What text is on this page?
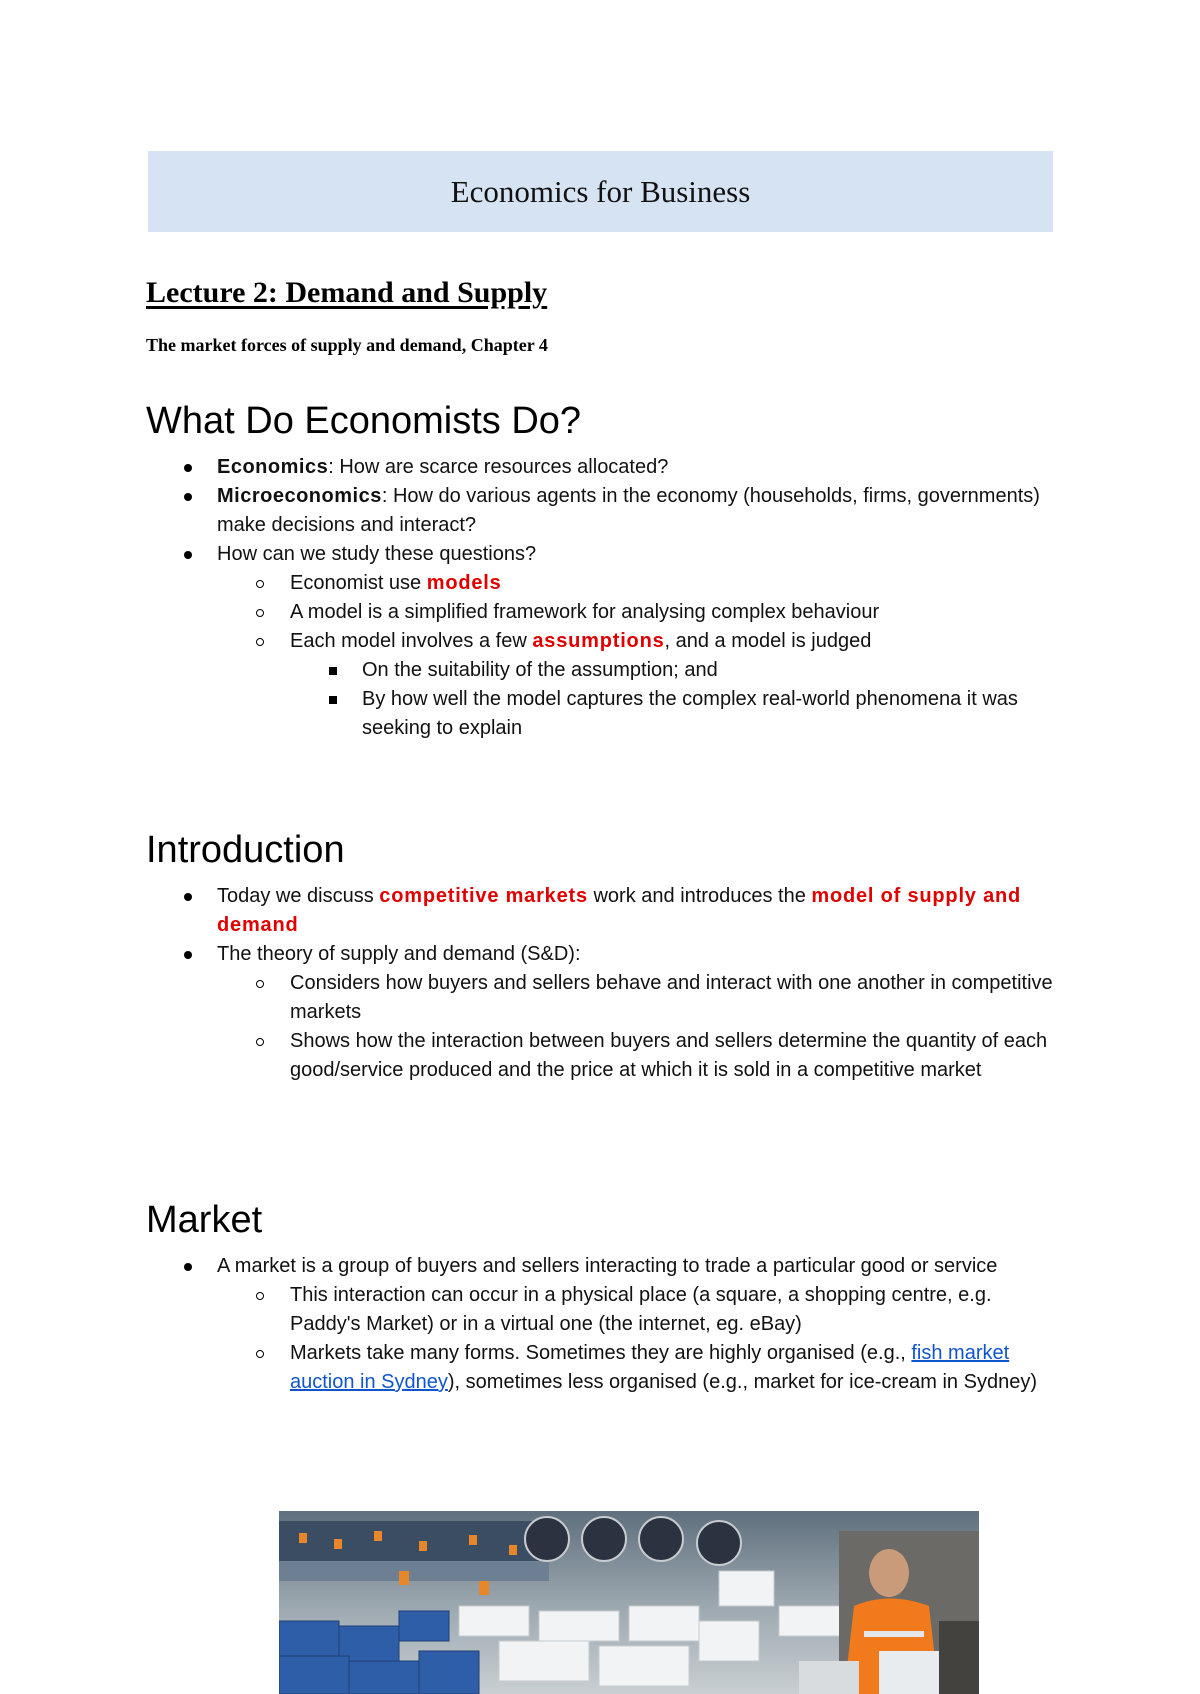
Economics for Business
Lecture 2: Demand and Supply

The market forces of supply and demand, Chapter 4

What Do Economists Do?
Economics: How are scarce resources allocated?
Microeconomics: How do various agents in the economy (households, firms, governments) make decisions and interact?
How can we study these questions?
Economist use models
A model is a simplified framework for analysing complex behaviour
Each model involves a few assumptions, and a model is judged
On the suitability of the assumption; and
By how well the model captures the complex real-world phenomena it was seeking to explain
Introduction
Today we discuss competitive markets work and introduces the model of supply and demand
The theory of supply and demand (S&D):
Considers how buyers and sellers behave and interact with one another in competitive markets
Shows how the interaction between buyers and sellers determine the quantity of each good/service produced and the price at which it is sold in a competitive market
Market
A market is a group of buyers and sellers interacting to trade a particular good or service
This interaction can occur in a physical place (a square, a shopping centre, e.g. Paddy's Market) or in a virtual one (the internet, eg. eBay)
Markets take many forms. Sometimes they are highly organised (e.g., fish market auction in Sydney), sometimes less organised (e.g., market for ice-cream in Sydney)
